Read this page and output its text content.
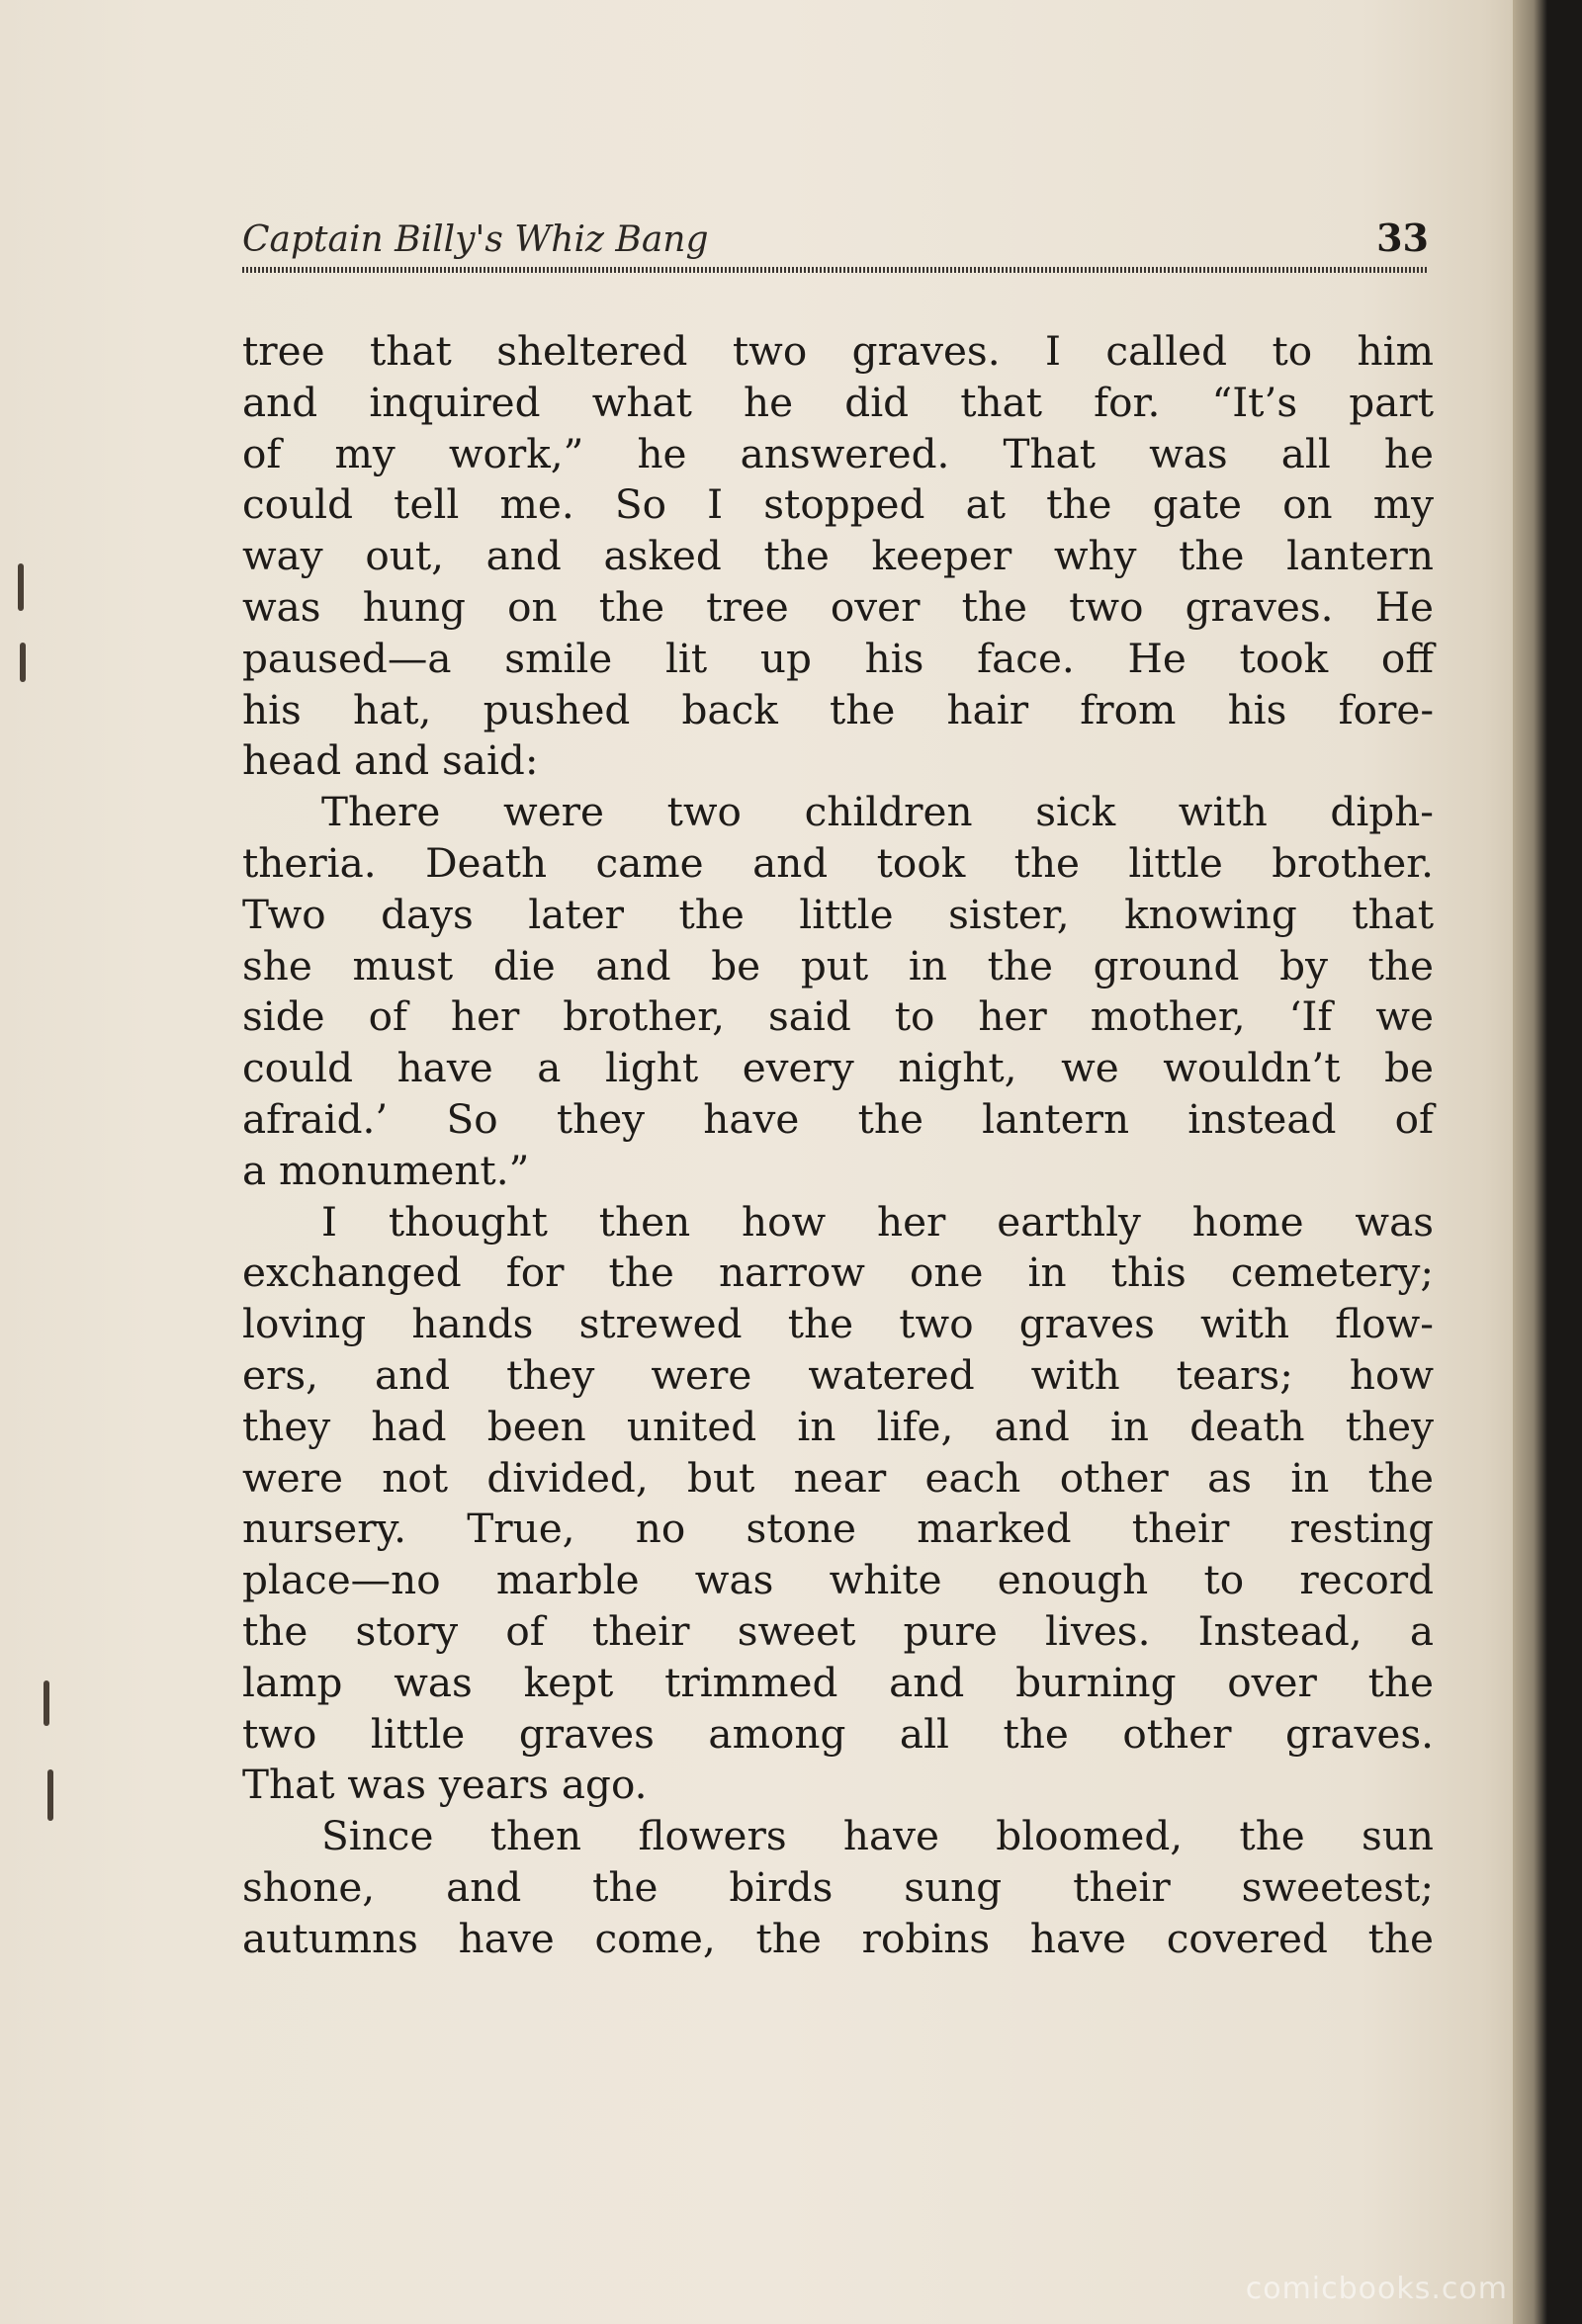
Captain Billy's Whiz Bang	33
tree that sheltered two graves. I called to him
and inquired what he did that for. “It’s part
of my work,” he answered. That was all he
could tell me. So I stopped at the gate on my
way out, and asked the keeper why the lantern
was hung on the tree over the two graves. He
paused—a smile lit up his face. He took off
his hat, pushed back the hair from his fore-
head and said:
There were two children sick with diph-
theria. Death came and took the little brother.
Two days later the little sister, knowing that
she must die and be put in the ground by the
side of her brother, said to her mother, ‘If we
could have a light every night, we wouldn’t be
afraid.’ So they have the lantern instead of
a monument.”
I thought then how her earthly home was
exchanged for the narrow one in this cemetery;
loving hands strewed the two graves with flow-
ers, and they were watered with tears; how
they had been united in life, and in death they
were not divided, but near each other as in the
nursery. True, no stone marked their resting
place—no marble was white enough to record
the story of their sweet pure lives. Instead, a
lamp was kept trimmed and burning over the
two little graves among all the other graves.
That was years ago.
Since then flowers have bloomed, the sun
shone, and the birds sung their sweetest;
autumns have come, the robins have covered the
comicbooks.com
